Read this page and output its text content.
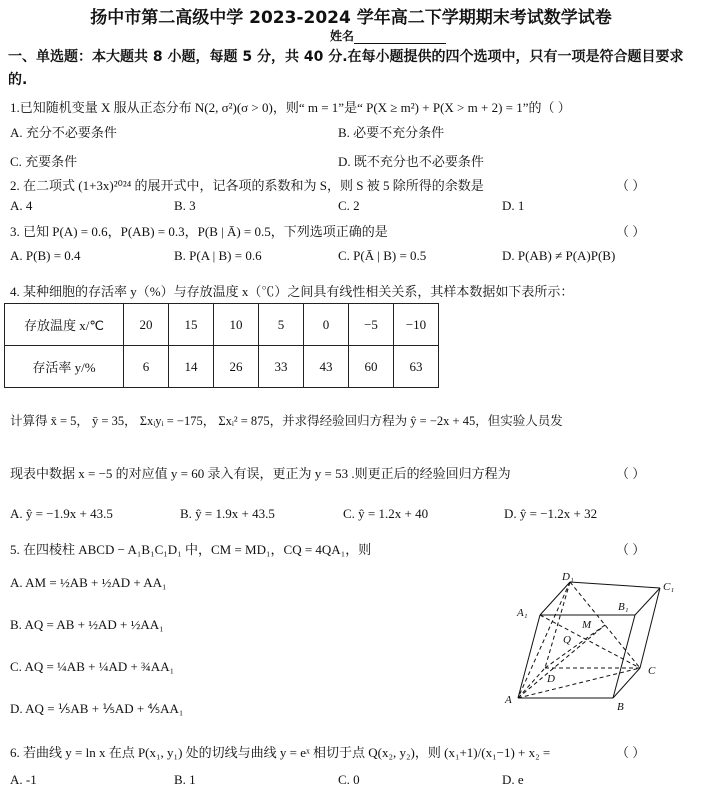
扬中市第二高级中学 2023-2024 学年高二下学期期末考试数学试卷
姓名
一、单选题：本大题共 8 小题，每题 5 分，共 40 分.在每小题提供的四个选项中，只有一项是符合题目要求的.
1.已知随机变量 X 服从正态分布 N(2, σ²)(σ > 0)，则“ m = 1”是“ P(X ≥ m²) + P(X > m + 2) = 1”的（ ）
A. 充分不必要条件	B. 必要不充分条件
C. 充要条件	D. 既不充分也不必要条件
2. 在二项式 (1+3x)²⁰²⁴ 的展开式中，记各项的系数和为 S，则 S 被 5 除所得的余数是	（ ）
A. 4	B. 3	C. 2	D. 1
3. 已知 P(A) = 0.6，P(AB) = 0.3，P(B | Ā) = 0.5，下列选项正确的是	（ ）
A. P(B) = 0.4	B. P(A | B) = 0.6	C. P(Ā | B) = 0.5	D. P(AB) ≠ P(A)P(B)
4. 某种细胞的存活率 y（%）与存放温度 x（℃）之间具有线性相关关系，其样本数据如下表所示：
存放温度 x/℃	20	15	10	5	0	−5	−10
存活率 y/%	6	14	26	33	43	60	63
计算得 x̄ = 5， ȳ = 35， Σxᵢyᵢ = −175， Σxᵢ² = 875，并求得经验回归方程为 ŷ = −2x + 45，但实验人员发
现表中数据 x = −5 的对应值 y = 60 录入有误，更正为 y = 53 .则更正后的经验回归方程为	（ ）
A. ŷ = −1.9x + 43.5	B. ŷ = 1.9x + 43.5	C. ŷ = 1.2x + 40	D. ŷ = −1.2x + 32
5. 在四棱柱 ABCD − A₁B₁C₁D₁ 中，CM = MD₁，CQ = 4QA₁，则	（ ）
A. AM = ½AB + ½AD + AA₁
B. AQ = AB + ½AD + ½AA₁
C. AQ = ¼AB + ¼AD + ¾AA₁
D. AQ = ⅕AB + ⅕AD + ⅘AA₁
D₁
C₁
A₁	B₁
M
Q
D
C
A
B
6. 若曲线 y = ln x 在点 P(x₁, y₁) 处的切线与曲线 y = eˣ 相切于点 Q(x₂, y₂)，则 (x₁+1)/(x₁−1) + x₂ =	（ ）
A. -1	B. 1	C. 0	D. e
